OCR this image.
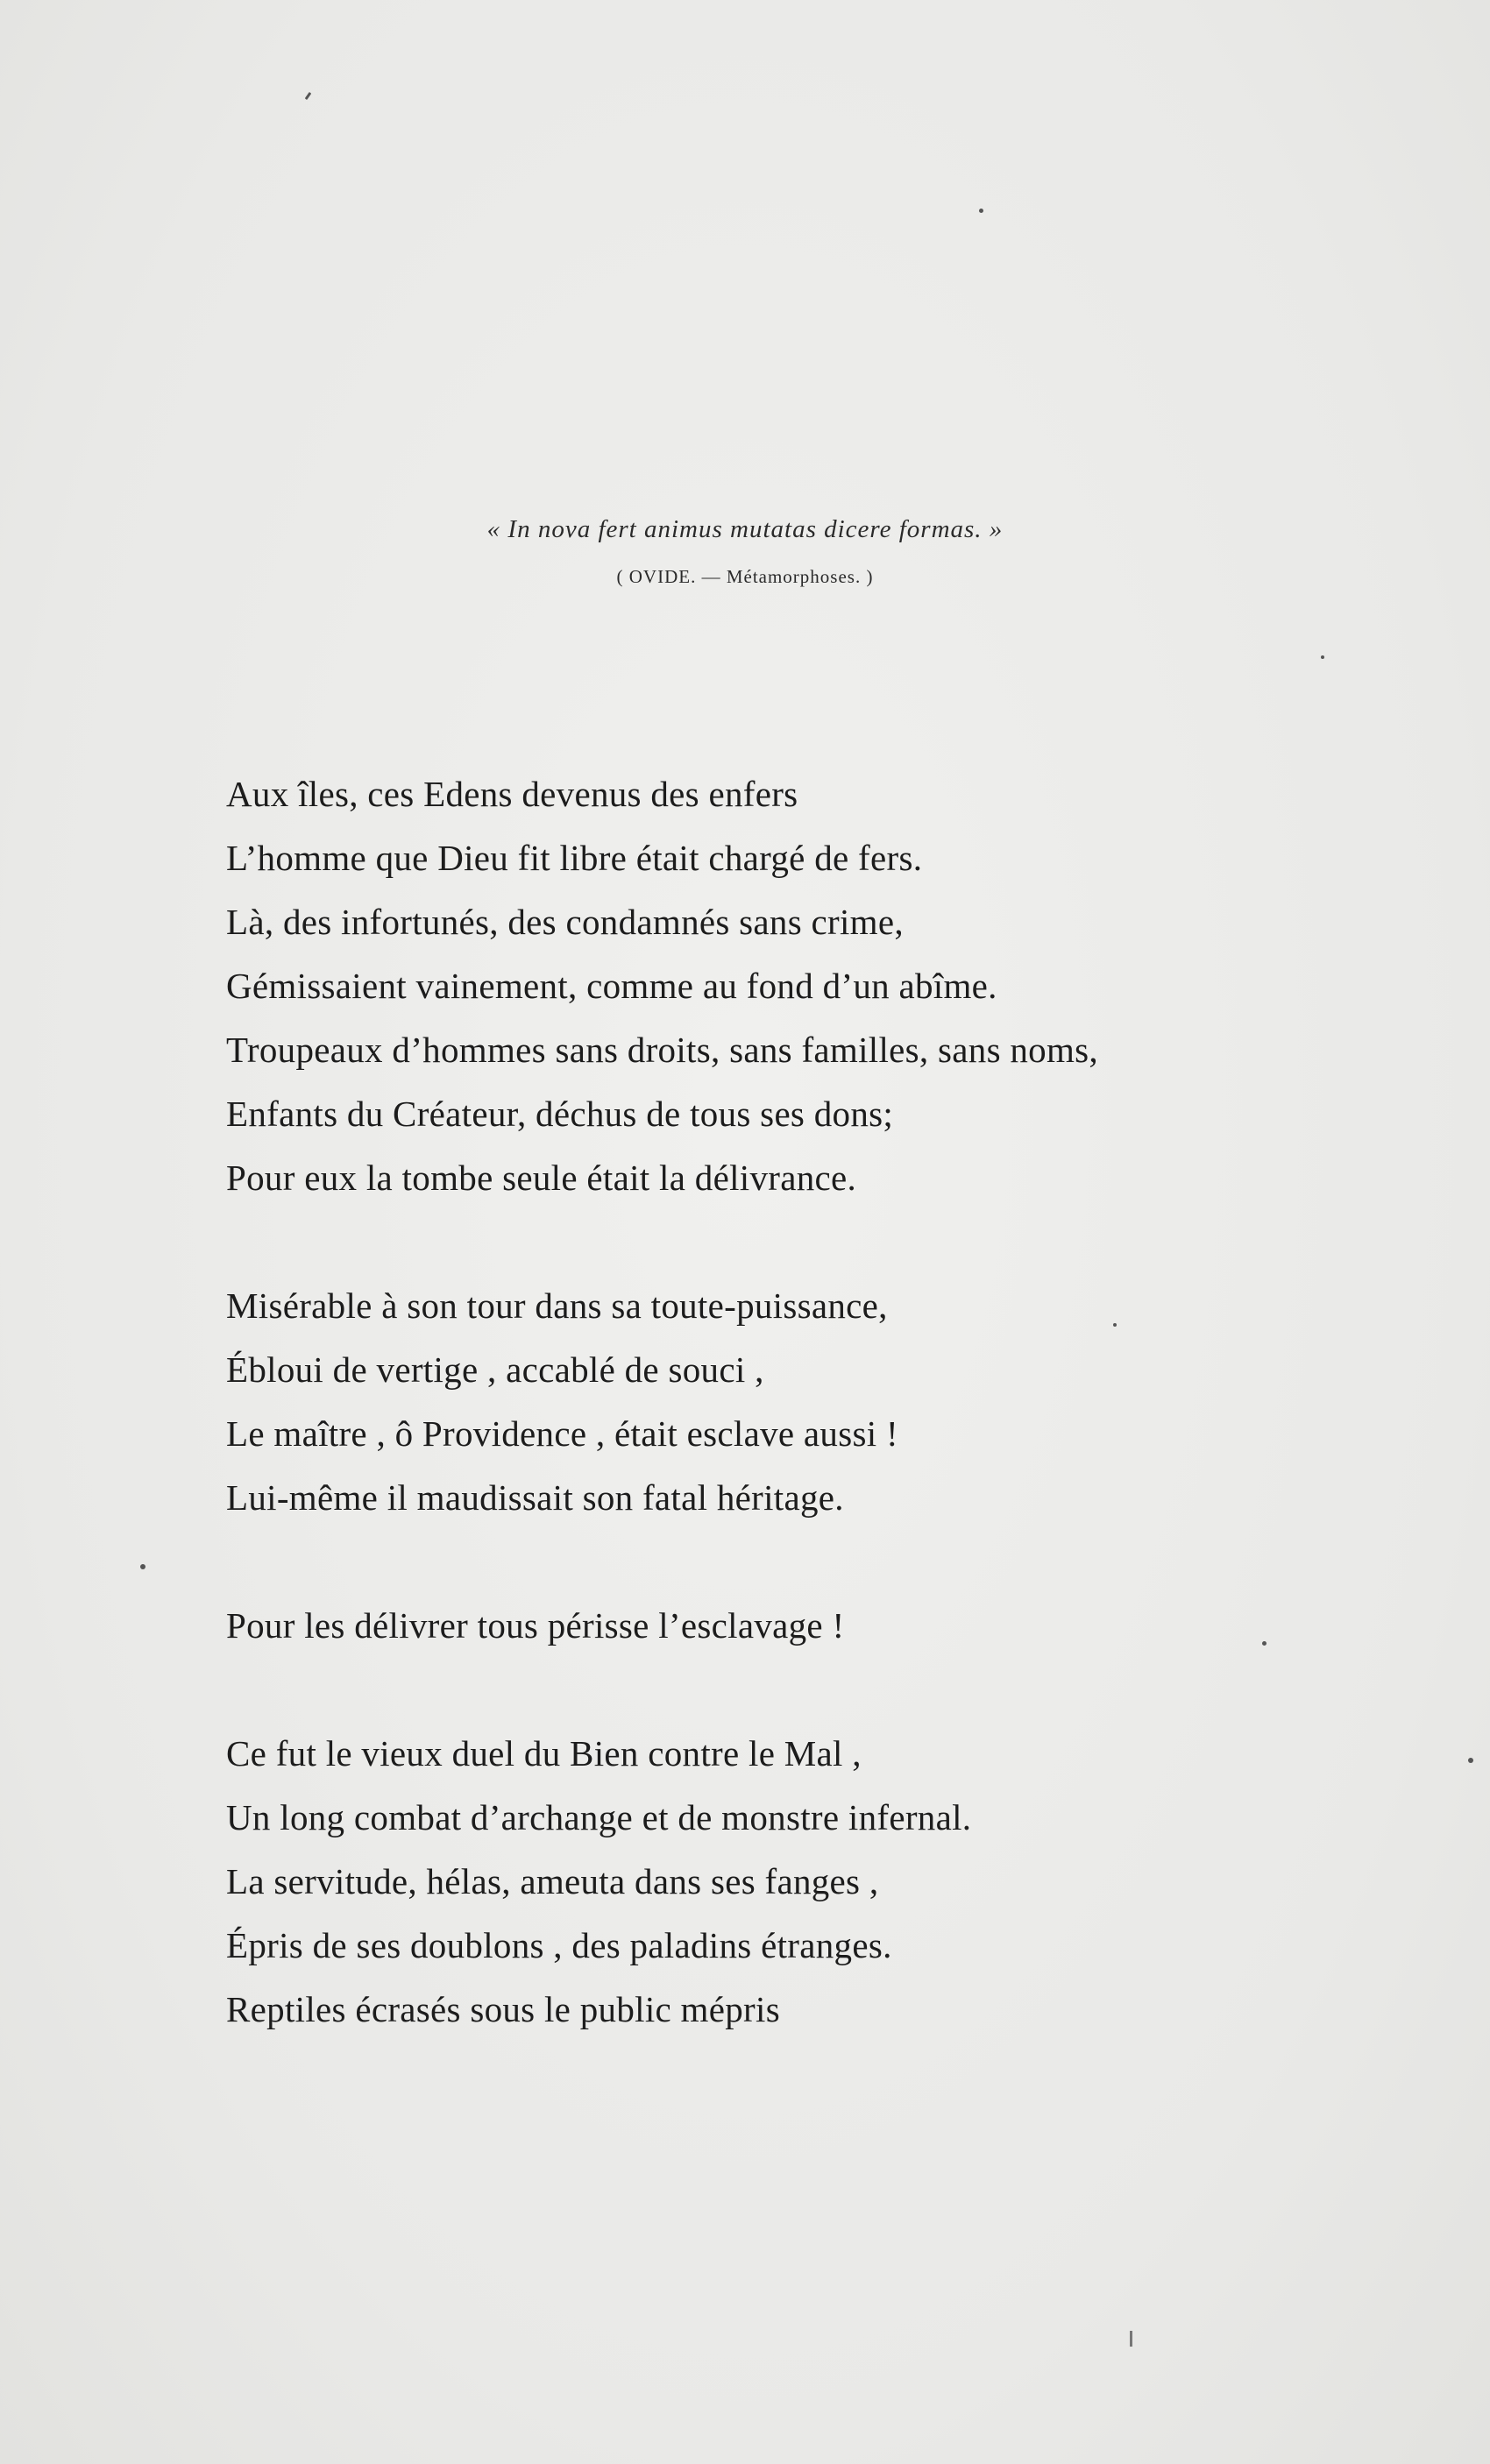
« In nova fert animus mutatas dicere formas. »
( OVIDE. — Métamorphoses. )
Aux îles, ces Edens devenus des enfers
L’homme que Dieu fit libre était chargé de fers.
Là, des infortunés, des condamnés sans crime,
Gémissaient vainement, comme au fond d’un abîme.
Troupeaux d’hommes sans droits, sans familles, sans noms,
Enfants du Créateur, déchus de tous ses dons;
Pour eux la tombe seule était la délivrance.
Misérable à son tour dans sa toute-puissance,
Ébloui de vertige , accablé de souci ,
Le maître , ô Providence , était esclave aussi !
Lui-même il maudissait son fatal héritage.
Pour les délivrer tous périsse l’esclavage !
Ce fut le vieux duel du Bien contre le Mal ,
Un long combat d’archange et de monstre infernal.
La servitude, hélas, ameuta dans ses fanges ,
Épris de ses doublons , des paladins étranges.
Reptiles écrasés sous le public mépris
